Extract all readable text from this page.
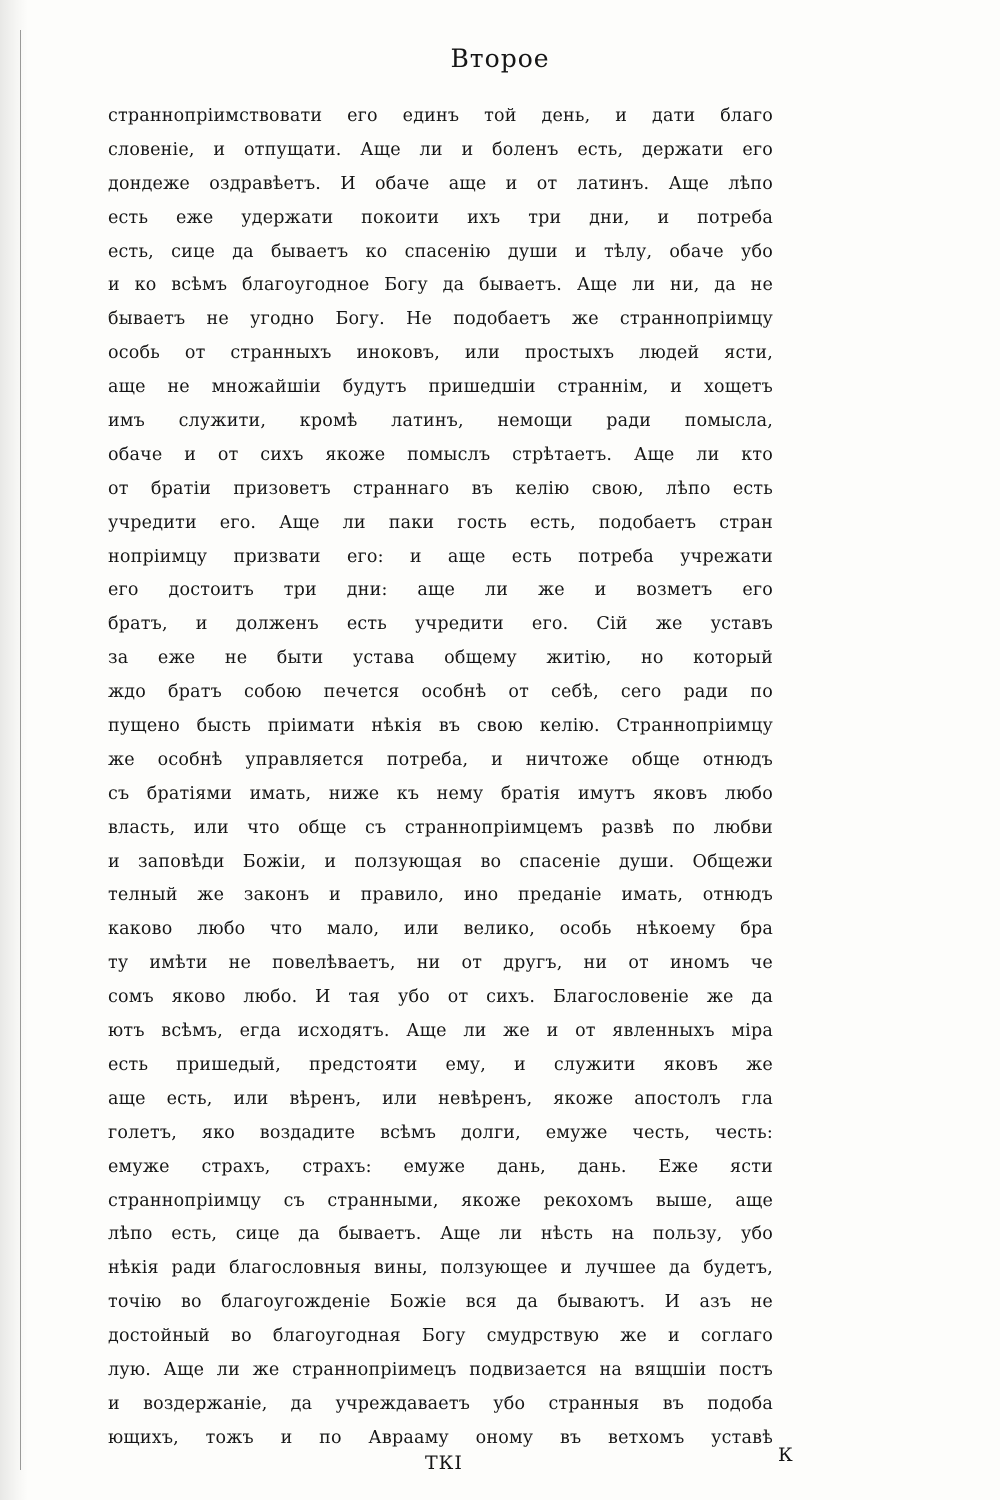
Второе
страннопріимствовати его единъ той день, и дати благо
словеніе, и отпущати. Аще ли и боленъ есть, держати его
дондеже оздравѣетъ. И обаче аще и от латинъ. Аще лѣпо
есть еже удержати покоити ихъ три дни, и потреба
есть, сице да бываетъ ко спасенію души и тѣлу, обаче убо
и ко всѣмъ благоугодное Богу да бываетъ. Аще ли ни, да не
бываетъ не угодно Богу. Не подобаетъ же страннопріимцу
особь от странныхъ иноковъ, или простыхъ людей ясти,
аще не множайшіи будутъ пришедшіи страннім, и хощетъ
имъ служити, кромѣ латинъ, немощи ради помысла,
обаче и от сихъ якоже помыслъ стрѣтаетъ. Аще ли кто
от братіи призоветъ страннаго въ келію свою, лѣпо есть
учредити его. Аще ли паки гость есть, подобаетъ стран
нопріимцу призвати его: и аще есть потреба учрежати
его достоитъ три дни: аще ли же и возметъ его
братъ, и долженъ есть учредити его. Сій же уставъ
за еже не быти устава общему житію, но который
ждо братъ собою печется особнѣ от себѣ, сего ради по
пущено бысть пріимати нѣкія въ свою келію. Страннопріимцу
же особнѣ управляется потреба, и ничтоже обще отнюдъ
съ братіями имать, ниже къ нему братія имутъ яковъ любо
власть, или что обще съ страннопріимцемъ развѣ по любви
и заповѣди Божіи, и ползующая во спасеніе души. Общежи
телный же законъ и правило, ино преданіе имать, отнюдъ
каково любо что мало, или велико, особь нѣкоему бра
ту имѣти не повелѣваетъ, ни от другъ, ни от иномъ че
сомъ яково любо. И тая убо от сихъ. Благословеніе же да
ютъ всѣмъ, егда исходятъ. Аще ли же и от явленныхъ міра
есть пришедый, предстояти ему, и служити яковъ же
аще есть, или вѣренъ, или невѣренъ, якоже апостолъ гла
голетъ, яко воздадите всѣмъ долги, емуже честь, честь:
емуже страхъ, страхъ: емуже дань, дань. Еже ясти
страннопріимцу съ странными, якоже рекохомъ выше, аще
лѣпо есть, сице да бываетъ. Аще ли нѣсть на пользу, убо
нѣкія ради благословныя вины, ползующее и лучшее да будетъ,
точію во благоугожденіе Божіе вся да бываютъ. И азъ не
достойный во благоугодная Богу смудрствую же и соглаго
лую. Аще ли же страннопріимецъ подвизается на вящшіи постъ
и воздержаніе, да учреждаваетъ убо странныя въ подоба
ющихъ, тожъ и по Аврааму оному въ ветхомъ уставѣ
ТКІ	К
